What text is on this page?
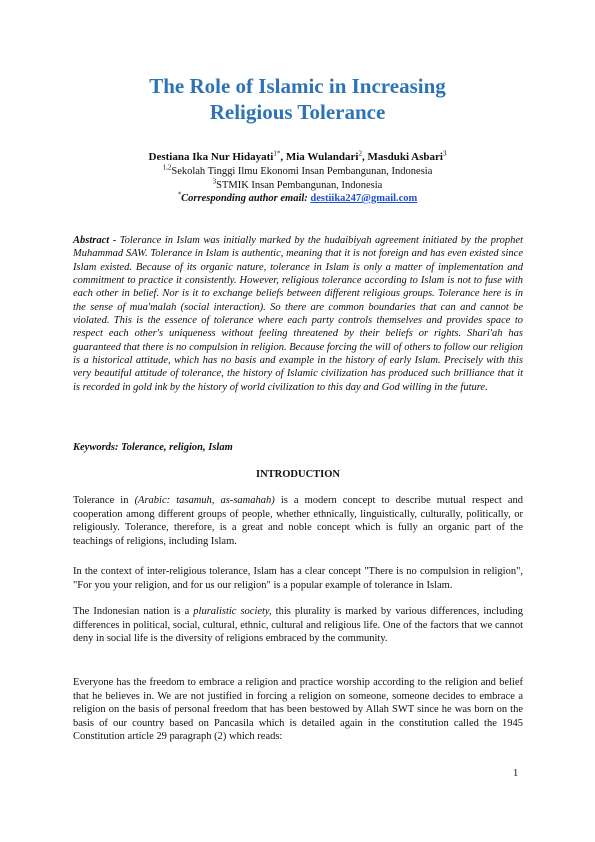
The Role of Islamic in Increasing
Religious Tolerance
Destiana Ika Nur Hidayati$^{1*}$, Mia Wulandari$^2$, Masduki Asbari$^3$
$^{1,2}$Sekolah Tinggi Ilmu Ekonomi Insan Pembangunan, Indonesia
$^3$STMIK Insan Pembangunan, Indonesia
*Corresponding author email: destiika247@gmail.com
Abstract - Tolerance in Islam was initially marked by the hudaibiyah agreement initiated by the prophet Muhammad SAW. Tolerance in Islam is authentic, meaning that it is not foreign and has even existed since Islam existed. Because of its organic nature, tolerance in Islam is only a matter of implementation and commitment to practice it consistently. However, religious tolerance according to Islam is not to fuse with each other in belief. Nor is it to exchange beliefs between different religious groups. Tolerance here is in the sense of mua'malah (social interaction). So there are common boundaries that can and cannot be violated. This is the essence of tolerance where each party controls themselves and provides space to respect each other's uniqueness without feeling threatened by their beliefs or rights. Shari'ah has guaranteed that there is no compulsion in religion. Because forcing the will of others to follow our religion is a historical attitude, which has no basis and example in the history of early Islam. Precisely with this very beautiful attitude of tolerance, the history of Islamic civilization has produced such brilliance that it is recorded in gold ink by the history of world civilization to this day and God willing in the future.
Keywords: Tolerance, religion, Islam
INTRODUCTION
Tolerance in (Arabic: tasamuh, as-samahah) is a modern concept to describe mutual respect and cooperation among different groups of people, whether ethnically, linguistically, culturally, politically, or religiously. Tolerance, therefore, is a great and noble concept which is fully an organic part of the teachings of religions, including Islam.
In the context of inter-religious tolerance, Islam has a clear concept "There is no compulsion in religion", "For you your religion, and for us our religion" is a popular example of tolerance in Islam.
The Indonesian nation is a pluralistic society, this plurality is marked by various differences, including differences in political, social, cultural, ethnic, cultural and religious life. One of the factors that we cannot deny in social life is the diversity of religions embraced by the community.
Everyone has the freedom to embrace a religion and practice worship according to the religion and belief that he believes in. We are not justified in forcing a religion on someone, someone decides to embrace a religion on the basis of personal freedom that has been bestowed by Allah SWT since he was born on the basis of our country based on Pancasila which is detailed again in the constitution called the 1945 Constitution article 29 paragraph (2) which reads:
1
